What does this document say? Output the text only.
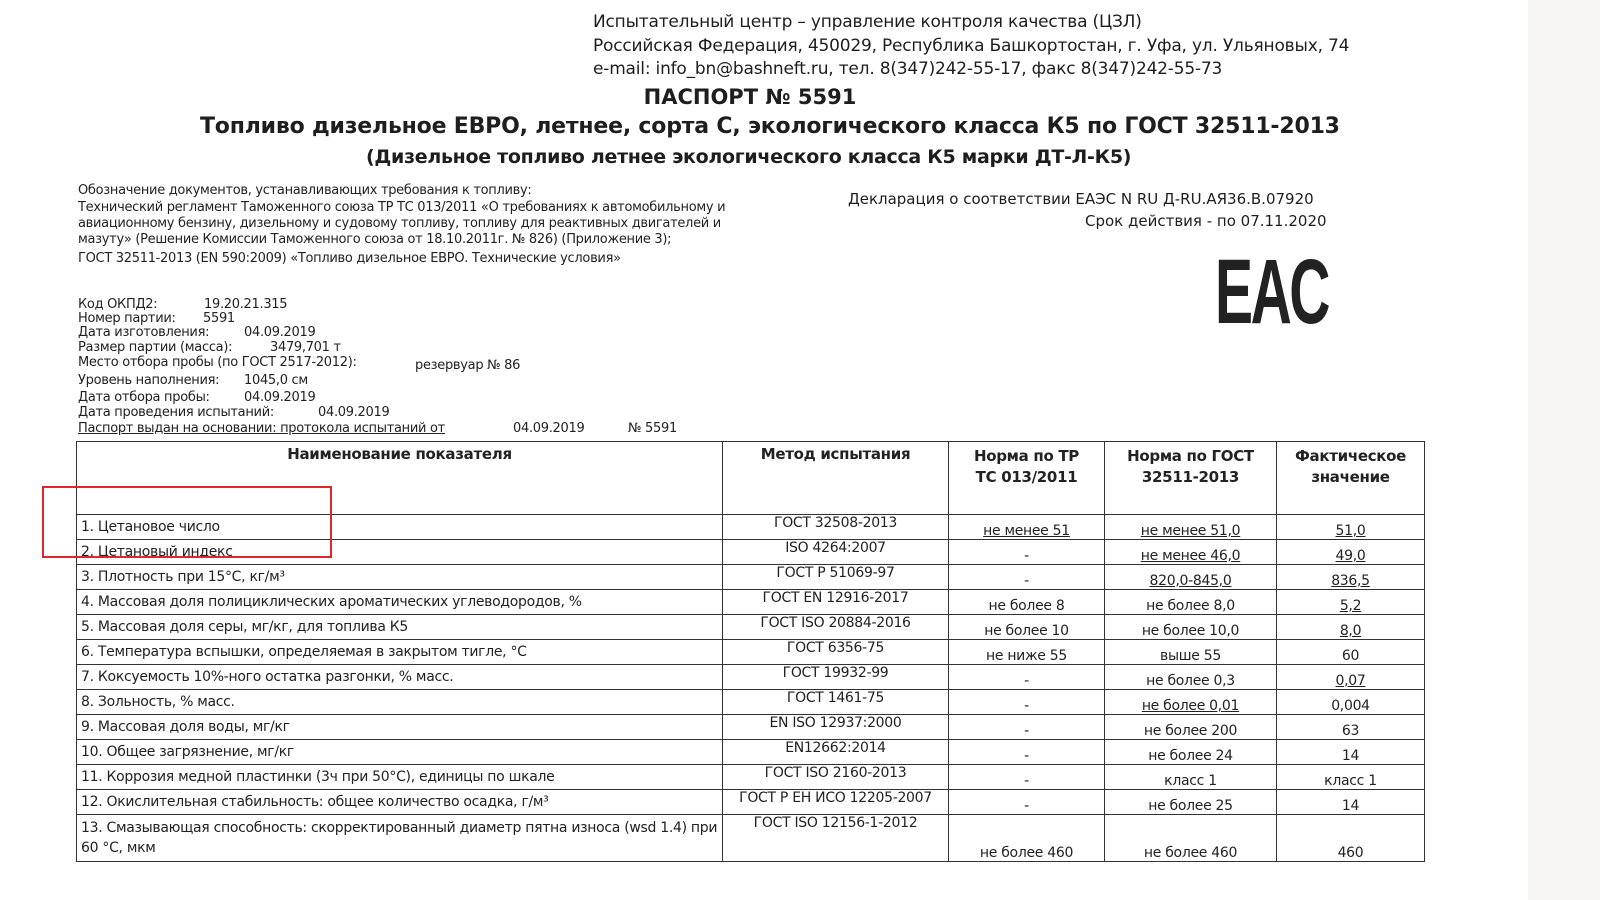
Испытательный центр – управление контроля качества (ЦЗЛ)
Российская Федерация, 450029, Республика Башкортостан, г. Уфа, ул. Ульяновых, 74
e-mail: info_bn@bashneft.ru, тел. 8(347)242-55-17, факс 8(347)242-55-73
ПАСПОРТ № 5591
Топливо дизельное ЕВРО, летнее, сорта С, экологического класса К5 по ГОСТ 32511-2013
(Дизельное топливо летнее экологического класса К5 марки ДТ-Л-К5)
Обозначение документов, устанавливающих требования к топливу:
Технический регламент Таможенного союза ТР ТС 013/2011 «О требованиях к автомобильному и авиационному бензину, дизельному и судовому топливу, топливу для реактивных двигателей и мазуту» (Решение Комиссии Таможенного союза от 18.10.2011г. № 826) (Приложение 3);
ГОСТ 32511-2013 (EN 590:2009) «Топливо дизельное ЕВРО. Технические условия»
Декларация о соответствии ЕАЭС N RU Д-RU.АЯ36.В.07920
Срок действия - по 07.11.2020
EAC
Код ОКПД2:	19.20.21.315
Номер партии: 5591
Дата изготовления:	04.09.2019
Размер партии (масса):	3479,701 т
Место отбора пробы (по ГОСТ 2517-2012):	резервуар № 86
Уровень наполнения: 1045,0 см
Дата отбора пробы:	04.09.2019
Дата проведения испытаний:	04.09.2019
Паспорт выдан на основании: протокола испытаний от	04.09.2019	№ 5591
Наименование показателя	Метод испытания	Норма по ТР ТС 013/2011	Норма по ГОСТ 32511-2013	Фактическое значение
1. Цетановое число	ГОСТ 32508-2013	не менее 51	не менее 51,0	51,0
2. Цетановый индекс	ISO 4264:2007	-	не менее 46,0	49,0
3. Плотность при 15°С, кг/м³	ГОСТ Р 51069-97	-	820,0-845,0	836,5
4. Массовая доля полициклических ароматических углеводородов, %	ГОСТ EN 12916-2017	не более 8	не более 8,0	5,2
5. Массовая доля серы, мг/кг, для топлива К5	ГОСТ ISO 20884-2016	не более 10	не более 10,0	8,0
6. Температура вспышки, определяемая в закрытом тигле, °С	ГОСТ 6356-75	не ниже 55	выше 55	60
7. Коксуемость 10%-ного остатка разгонки, % масс.	ГОСТ 19932-99	-	не более 0,3	0,07
8. Зольность, % масс.	ГОСТ 1461-75	-	не более 0,01	0,004
9. Массовая доля воды, мг/кг	EN ISO 12937:2000	-	не более 200	63
10. Общее загрязнение, мг/кг	EN12662:2014	-	не более 24	14
11. Коррозия медной пластинки (3ч при 50°С), единицы по шкале	ГОСТ ISO 2160-2013	-	класс 1	класс 1
12. Окислительная стабильность: общее количество осадка, г/м³	ГОСТ Р ЕН ИСО 12205-2007	-	не более 25	14
13. Смазывающая способность: скорректированный диаметр пятна износа (wsd 1.4) при 60 °С, мкм	ГОСТ ISO 12156-1-2012	не более 460	не более 460	460
